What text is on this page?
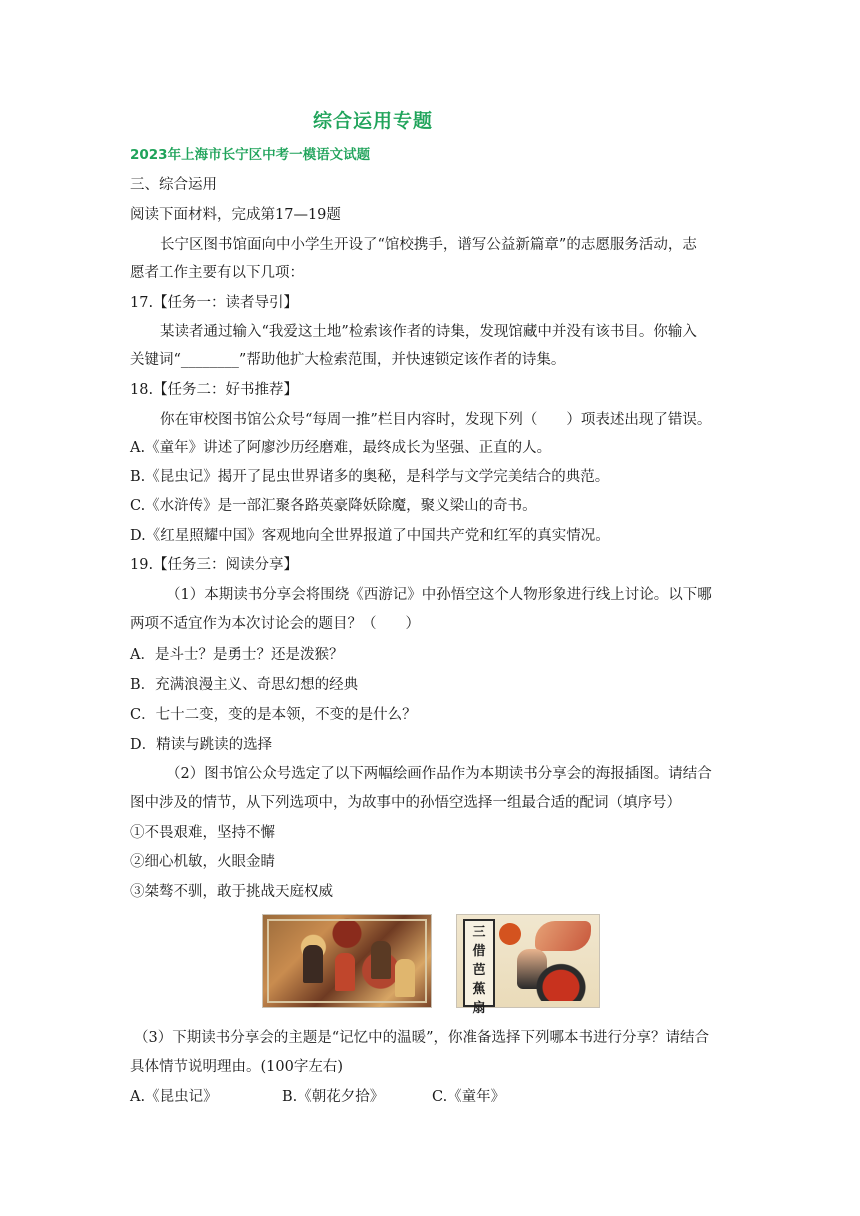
综合运用专题
2023年上海市长宁区中考一模语文试题
三、综合运用
阅读下面材料，完成第17—19题
长宁区图书馆面向中小学生开设了“馆校携手，谱写公益新篇章”的志愿服务活动，志
愿者工作主要有以下几项：
17.【任务一：读者导引】
某读者通过输入“我爱这土地”检索该作者的诗集，发现馆藏中并没有该书目。你输入
关键词“________”帮助他扩大检索范围，并快速锁定该作者的诗集。
18.【任务二：好书推荐】
你在审校图书馆公众号“每周一推”栏目内容时，发现下列（　　）项表述出现了错误。
A.《童年》讲述了阿廖沙历经磨难，最终成长为坚强、正直的人。
B.《昆虫记》揭开了昆虫世界诸多的奥秘，是科学与文学完美结合的典范。
C.《水浒传》是一部汇聚各路英豪降妖除魔，聚义梁山的奇书。
D.《红星照耀中国》客观地向全世界报道了中国共产党和红军的真实情况。
19.【任务三：阅读分享】
（1）本期读书分享会将围绕《西游记》中孙悟空这个人物形象进行线上讨论。以下哪
两项不适宜作为本次讨论会的题目？（　　）
A．是斗士？是勇士？还是泼猴？
B．充满浪漫主义、奇思幻想的经典
C．七十二变，变的是本领，不变的是什么？
D．精读与跳读的选择
（2）图书馆公众号选定了以下两幅绘画作品作为本期读书分享会的海报插图。请结合
图中涉及的情节，从下列选项中，为故事中的孙悟空选择一组最合适的配词（填序号）
①不畏艰难，坚持不懈
②细心机敏，火眼金睛
③桀骜不驯，敢于挑战天庭权威
三
借
芭
蕉
扇
（3）下期读书分享会的主题是“记忆中的温暖”，你准备选择下列哪本书进行分享？请结合
具体情节说明理由。(100字左右)
A.《昆虫记》	B.《朝花夕拾》	C.《童年》
